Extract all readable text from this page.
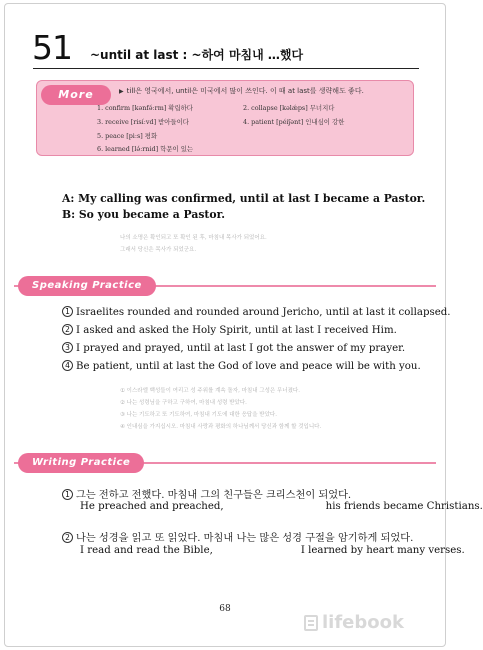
51 ~until at last : ~하여 마침내 …했다
More	▶ till은 영국에서, until은 미국에서 많이 쓰인다. 이 때 at last를 생략해도 좋다.
1. confirm [kənfə́ːrm] 확립하다	2. collapse [kəlǽps] 무너지다
3. receive [risíːvd] 받아들이다	4. patient [péiʃənt] 인내심이 강한
5. peace [piːs] 평화
6. learned [lə́ːrnid] 학문이 있는
A: My calling was confirmed, until at last I became a Pastor.
B: So you became a Pastor.
나의 소명은 확인되고 또 확인 된 후, 마침내 목사가 되었어요.
그래서 당신은 목사가 되었군요.
Speaking Practice
1 Israelites rounded and rounded around Jericho, until at last it collapsed.
2 I asked and asked the Holy Spirit, until at last I received Him.
3 I prayed and prayed, until at last I got the answer of my prayer.
4 Be patient, until at last the God of love and peace will be with you.
① 이스라엘 백성들이 여리고 성 주위를 계속 돌자, 마침내 그성은 무너졌다.
② 나는 성령님을 구하고 구하여, 마침내 성령 받았다.
③ 나는 기도하고 또 기도하여, 마침내 기도에 대한 응답을 받았다.
④ 인내심을 가지십시오. 마침내 사랑과 평화의 하나님께서 당신과 함께 할 것입니다.
Writing Practice
1 그는 전하고 전했다. 마침내 그의 친구들은 크리스천이 되었다.
He preached and preached,	his friends became Christians.
2 나는 성경을 읽고 또 읽었다. 마침내 나는 많은 성경 구절을 암기하게 되었다.
I read and read the Bible,	I learned by heart many verses.
68
lifebook
